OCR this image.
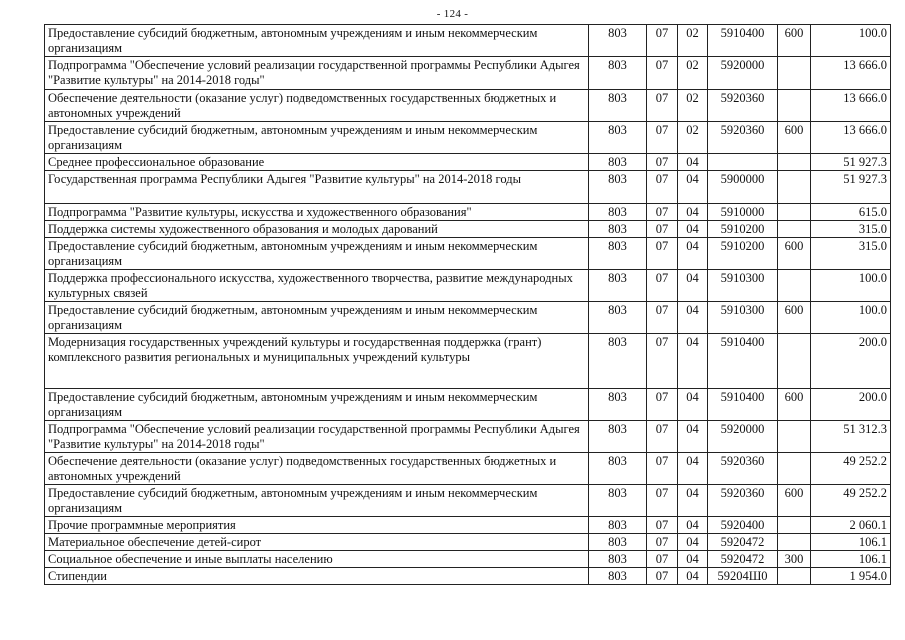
- 124 -
Предоставление субсидий бюджетным, автономным учреждениям и иным некоммерческим организациям	803	07	02	5910400	600	100.0
Подпрограмма "Обеспечение условий реализации государственной программы Республики Адыгея "Развитие культуры" на 2014-2018 годы"	803	07	02	5920000		13 666.0
Обеспечение деятельности (оказание услуг) подведомственных государственных бюджетных и автономных учреждений	803	07	02	5920360		13 666.0
Предоставление субсидий бюджетным, автономным учреждениям и иным некоммерческим организациям	803	07	02	5920360	600	13 666.0
Среднее профессиональное образование	803	07	04			51 927.3
Государственная программа Республики Адыгея "Развитие культуры" на 2014-2018 годы	803	07	04	5900000		51 927.3
Подпрограмма "Развитие культуры, искусства и художественного образования"	803	07	04	5910000		615.0
Поддержка системы художественного образования и молодых дарований	803	07	04	5910200		315.0
Предоставление субсидий бюджетным, автономным учреждениям и иным некоммерческим организациям	803	07	04	5910200	600	315.0
Поддержка профессионального искусства, художественного творчества, развитие международных культурных связей	803	07	04	5910300		100.0
Предоставление субсидий бюджетным, автономным учреждениям и иным некоммерческим организациям	803	07	04	5910300	600	100.0
Модернизация государственных учреждений культуры и государственная поддержка (грант) комплексного развития региональных и муниципальных учреждений культуры	803	07	04	5910400		200.0
Предоставление субсидий бюджетным, автономным учреждениям и иным некоммерческим организациям	803	07	04	5910400	600	200.0
Подпрограмма "Обеспечение условий реализации государственной программы Республики Адыгея "Развитие культуры" на 2014-2018 годы"	803	07	04	5920000		51 312.3
Обеспечение деятельности (оказание услуг) подведомственных государственных бюджетных и автономных учреждений	803	07	04	5920360		49 252.2
Предоставление субсидий бюджетным, автономным учреждениям и иным некоммерческим организациям	803	07	04	5920360	600	49 252.2
Прочие программные мероприятия	803	07	04	5920400		2 060.1
Материальное обеспечение детей-сирот	803	07	04	5920472		106.1
Социальное обеспечение и иные выплаты населению	803	07	04	5920472	300	106.1
Стипендии	803	07	04	59204Ш0		1 954.0
